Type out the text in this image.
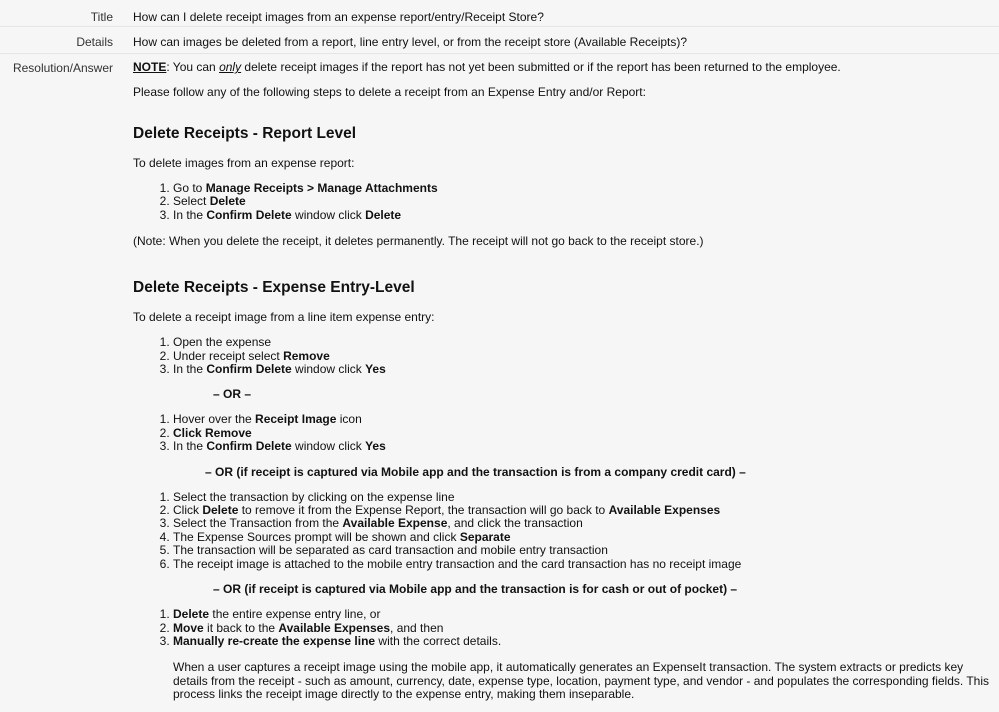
Title	How can I delete receipt images from an expense report/entry/Receipt Store?
Details	How can images be deleted from a report, line entry level, or from the receipt store (Available Receipts)?
Resolution/Answer	NOTE: You can only delete receipt images if the report has not yet been submitted or if the report has been returned to the employee.

Please follow any of the following steps to delete a receipt from an Expense Entry and/or Report:

Delete Receipts - Report Level

To delete images from an expense report:

1. Go to Manage Receipts > Manage Attachments
2. Select Delete
3. In the Confirm Delete window click Delete

(Note: When you delete the receipt, it deletes permanently. The receipt will not go back to the receipt store.)

Delete Receipts - Expense Entry-Level

To delete a receipt image from a line item expense entry:

1. Open the expense
2. Under receipt select Remove
3. In the Confirm Delete window click Yes
– OR –
1. Hover over the Receipt Image icon
2. Click Remove
3. In the Confirm Delete window click Yes
– OR (if receipt is captured via Mobile app and the transaction is from a company credit card) –
1. Select the transaction by clicking on the expense line
2. Click Delete to remove it from the Expense Report, the transaction will go back to Available Expenses
3. Select the Transaction from the Available Expense, and click the transaction
4. The Expense Sources prompt will be shown and click Separate
5. The transaction will be separated as card transaction and mobile entry transaction
6. The receipt image is attached to the mobile entry transaction and the card transaction has no receipt image
– OR (if receipt is captured via Mobile app and the transaction is for cash or out of pocket) –
1. Delete the entire expense entry line, or
2. Move it back to the Available Expenses, and then
3. Manually re-create the expense line with the correct details.

When a user captures a receipt image using the mobile app, it automatically generates an ExpenseIt transaction. The system extracts or predicts key details from the receipt - such as amount, currency, date, expense type, location, payment type, and vendor - and populates the corresponding fields. This process links the receipt image directly to the expense entry, making them inseparable.
